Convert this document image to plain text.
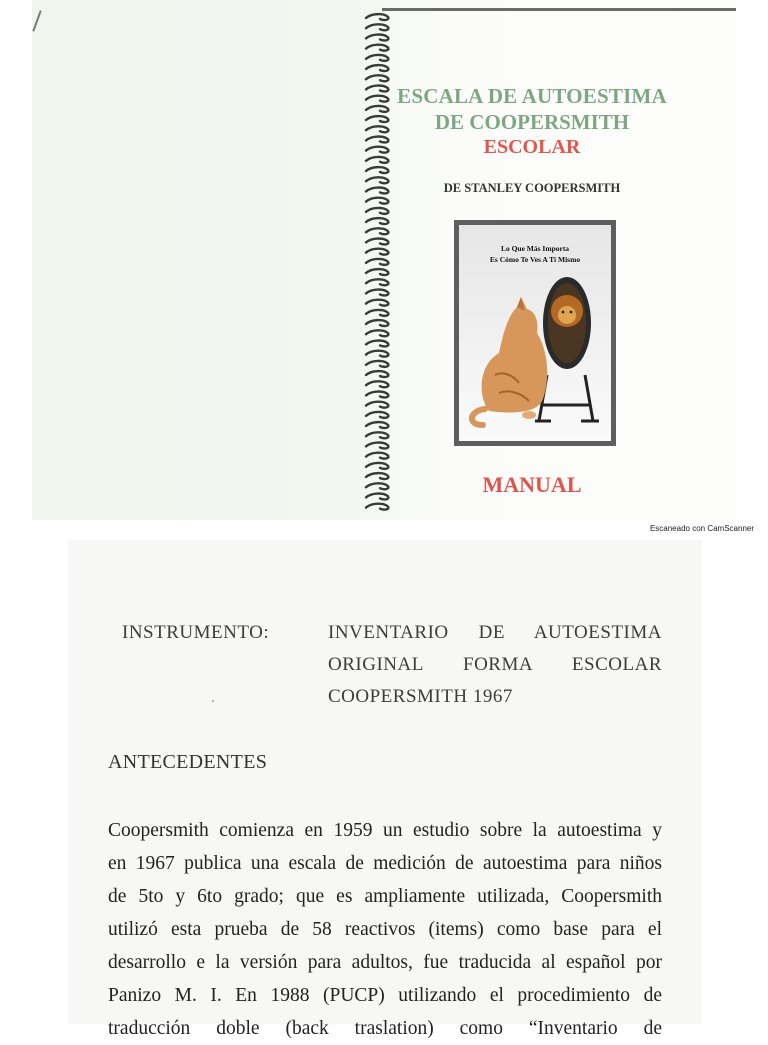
ESCALA DE AUTOESTIMA
DE COOPERSMITH
ESCOLAR
DE STANLEY COOPERSMITH
Lo Que Más Importa
Es Cómo Te Ves A Ti Mismo
MANUAL
Escaneado con CamScanner
INSTRUMENTO:	INVENTARIO DE AUTOESTIMA
ORIGINAL FORMA ESCOLAR
COOPERSMITH 1967
ANTECEDENTES
Coopersmith comienza en 1959 un estudio sobre la autoestima y
en 1967 publica una escala de medición de autoestima para niños
de 5to y 6to grado; que es ampliamente utilizada, Coopersmith
utilizó esta prueba de 58 reactivos (items) como base para el
desarrollo e la versión para adultos, fue traducida al español por
Panizo M. I. En 1988 (PUCP) utilizando el procedimiento de
traducción doble (back traslation) como “Inventario de
